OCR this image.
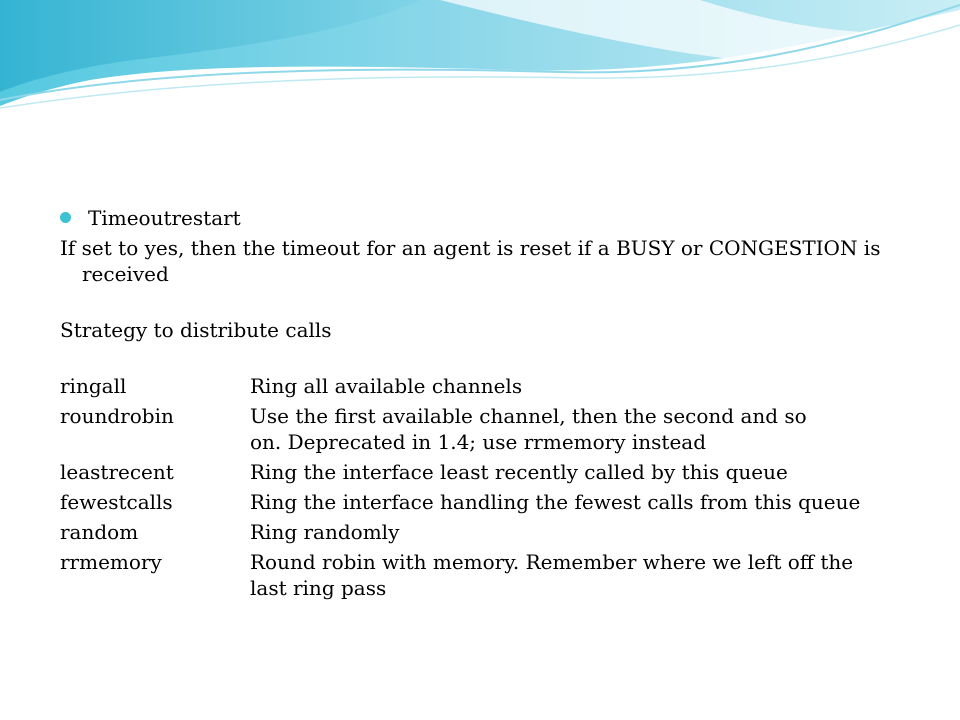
Timeoutrestart

If set to yes, then the timeout for an agent is reset if a BUSY or CONGESTION is received

Strategy to distribute calls

ringall	Ring all available channels

roundrobin	Use the first available channel, then the second and so
on. Deprecated in 1.4; use rrmemory instead

leastrecent	Ring the interface least recently called by this queue

fewestcalls	Ring the interface handling the fewest calls from this queue

random	Ring randomly

rrmemory	Round robin with memory. Remember where we left off the
last ring pass
